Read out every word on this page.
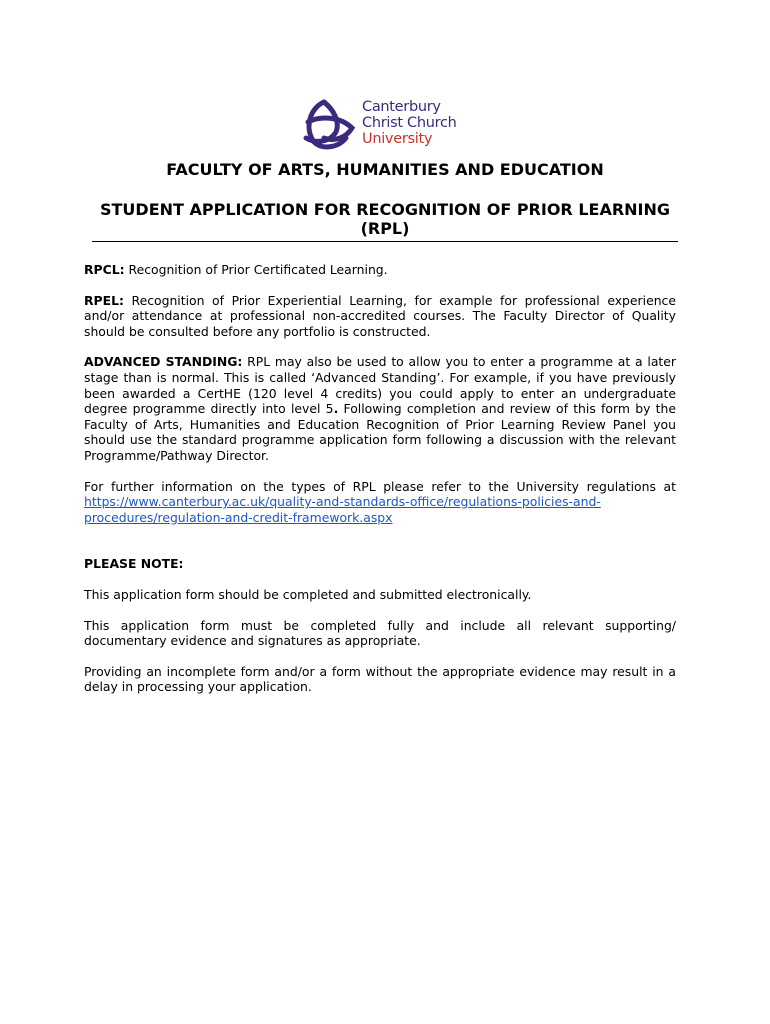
Canterbury
Christ Church
University
FACULTY OF ARTS, HUMANITIES AND EDUCATION
STUDENT APPLICATION FOR RECOGNITION OF PRIOR LEARNING (RPL)

RPCL: Recognition of Prior Certificated Learning.

RPEL: Recognition of Prior Experiential Learning, for example for professional experience and/or attendance at professional non-accredited courses. The Faculty Director of Quality should be consulted before any portfolio is constructed.

ADVANCED STANDING: RPL may also be used to allow you to enter a programme at a later stage than is normal. This is called ‘Advanced Standing’. For example, if you have previously been awarded a CertHE (120 level 4 credits) you could apply to enter an undergraduate degree programme directly into level 5. Following completion and review of this form by the Faculty of Arts, Humanities and Education Recognition of Prior Learning Review Panel you should use the standard programme application form following a discussion with the relevant Programme/Pathway Director.

For further information on the types of RPL please refer to the University regulations at https://www.canterbury.ac.uk/quality-and-standards-office/regulations-policies-and-procedures/regulation-and-credit-framework.aspx

PLEASE NOTE:

This application form should be completed and submitted electronically.

This application form must be completed fully and include all relevant supporting/ documentary evidence and signatures as appropriate.

Providing an incomplete form and/or a form without the appropriate evidence may result in a delay in processing your application.
